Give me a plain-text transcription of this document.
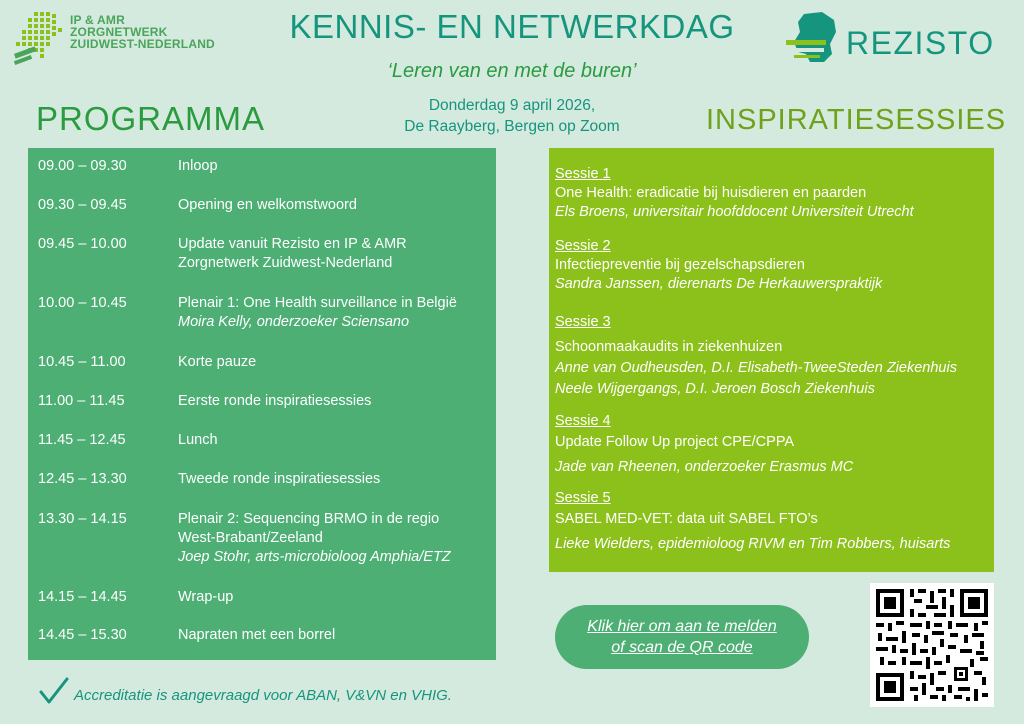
IP & AMR
ZORGNETWERK
ZUIDWEST-NEDERLAND	KENNIS- EN NETWERKDAG
‘Leren van en met de buren’
Donderdag 9 april 2026,
De Raayberg, Bergen op Zoom
REZISTO
PROGRAMMA	INSPIRATIESESSIES
09.00 – 09.30	Inloop
09.30 – 09.45	Opening en welkomstwoord
09.45 – 10.00	Update vanuit Rezisto en IP & AMR
Zorgnetwerk Zuidwest-Nederland
10.00 – 10.45	Plenair 1: One Health surveillance in België
Moira Kelly, onderzoeker Sciensano
10.45 – 11.00	Korte pauze
11.00 – 11.45	Eerste ronde inspiratiesessies
11.45 – 12.45	Lunch
12.45 – 13.30	Tweede ronde inspiratiesessies
13.30 – 14.15	Plenair 2: Sequencing BRMO in de regio
West-Brabant/Zeeland
Joep Stohr, arts-microbioloog Amphia/ETZ
14.15 – 14.45	Wrap-up
14.45 – 15.30	Napraten met een borrel
Sessie 1
One Health: eradicatie bij huisdieren en paarden
Els Broens, universitair hoofddocent Universiteit Utrecht
Sessie 2
Infectiepreventie bij gezelschapsdieren
Sandra Janssen, dierenarts De Herkauwerspraktijk
Sessie 3
Schoonmaakaudits in ziekenhuizen
Anne van Oudheusden, D.I. Elisabeth-TweeSteden Ziekenhuis
Neele Wijgergangs, D.I. Jeroen Bosch Ziekenhuis
Sessie 4
Update Follow Up project CPE/CPPA
Jade van Rheenen, onderzoeker Erasmus MC
Sessie 5
SABEL MED-VET: data uit SABEL FTO’s
Lieke Wielders, epidemioloog RIVM en Tim Robbers, huisarts
Klik hier om aan te melden
of scan de QR code
Accreditatie is aangevraagd voor ABAN, V&VN en VHIG.
